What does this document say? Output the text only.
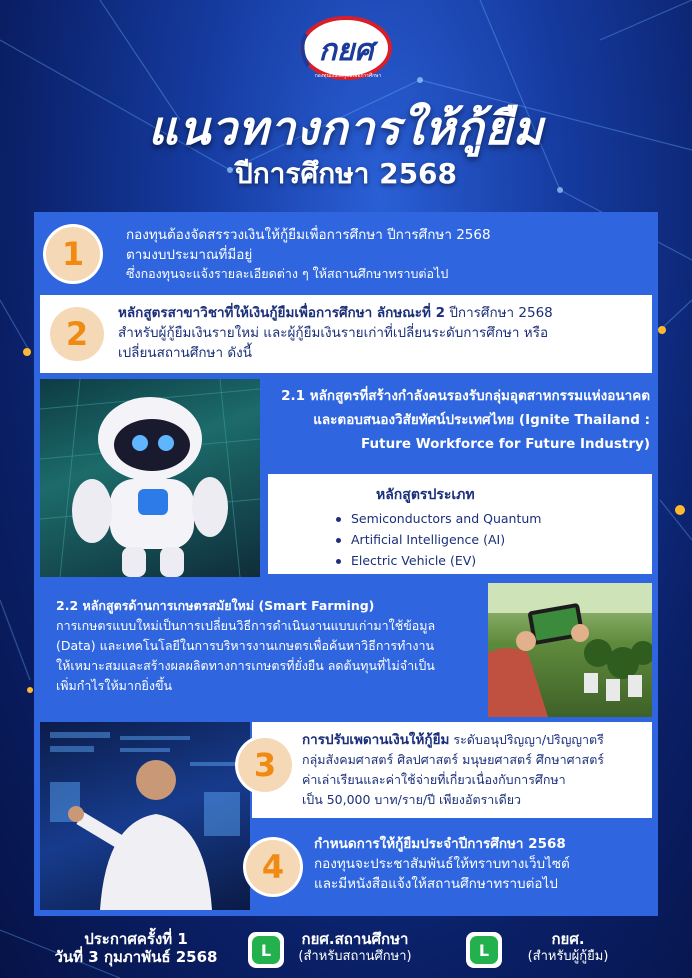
กยศ
กองทุนเงินให้กู้ยืมเพื่อการศึกษา
แนวทางการให้กู้ยืม
ปีการศึกษา 2568
1	กองทุนต้องจัดสรรวงเงินให้กู้ยืมเพื่อการศึกษา ปีการศึกษา 2568
ตามงบประมาณที่มีอยู่
ซึ่งกองทุนจะแจ้งรายละเอียดต่าง ๆ ให้สถานศึกษาทราบต่อไป
2
หลักสูตรสาขาวิชาที่ให้เงินกู้ยืมเพื่อการศึกษา ลักษณะที่ 2 ปีการศึกษา 2568
สำหรับผู้กู้ยืมเงินรายใหม่ และผู้กู้ยืมเงินรายเก่าที่เปลี่ยนระดับการศึกษา หรือ
เปลี่ยนสถานศึกษา ดังนี้
2.1 หลักสูตรที่สร้างกำลังคนรองรับกลุ่มอุตสาหกรรมแห่งอนาคต
และตอบสนองวิสัยทัศน์ประเทศไทย (Ignite Thailand :
Future Workforce for Future Industry)
หลักสูตรประเภท
Semiconductors and Quantum
Artificial Intelligence (AI)
Electric Vehicle (EV)
2.2 หลักสูตรด้านการเกษตรสมัยใหม่ (Smart Farming)
การเกษตรแบบใหม่เป็นการเปลี่ยนวิธีการดำเนินงานแบบเก่ามาใช้ข้อมูล
(Data) และเทคโนโลยีในการบริหารงานเกษตรเพื่อค้นหาวิธีการทำงาน
ให้เหมาะสมและสร้างผลผลิตทางการเกษตรที่ยั่งยืน ลดต้นทุนที่ไม่จำเป็น
เพิ่มกำไรให้มากยิ่งขึ้น
3
การปรับเพดานเงินให้กู้ยืม ระดับอนุปริญญา/ปริญญาตรี
กลุ่มสังคมศาสตร์ ศิลปศาสตร์ มนุษยศาสตร์ ศึกษาศาสตร์
ค่าเล่าเรียนและค่าใช้จ่ายที่เกี่ยวเนื่องกับการศึกษา
เป็น 50,000 บาท/ราย/ปี เพียงอัตราเดียว
4
กำหนดการให้กู้ยืมประจำปีการศึกษา 2568
กองทุนจะประชาสัมพันธ์ให้ทราบทางเว็บไซต์
และมีหนังสือแจ้งให้สถานศึกษาทราบต่อไป
ประกาศครั้งที่ 1
วันที่ 3 กุมภาพันธ์ 2568	L
กยศ.สถานศึกษา
(สำหรับสถานศึกษา)	L
กยศ.
(สำหรับผู้กู้ยืม)
